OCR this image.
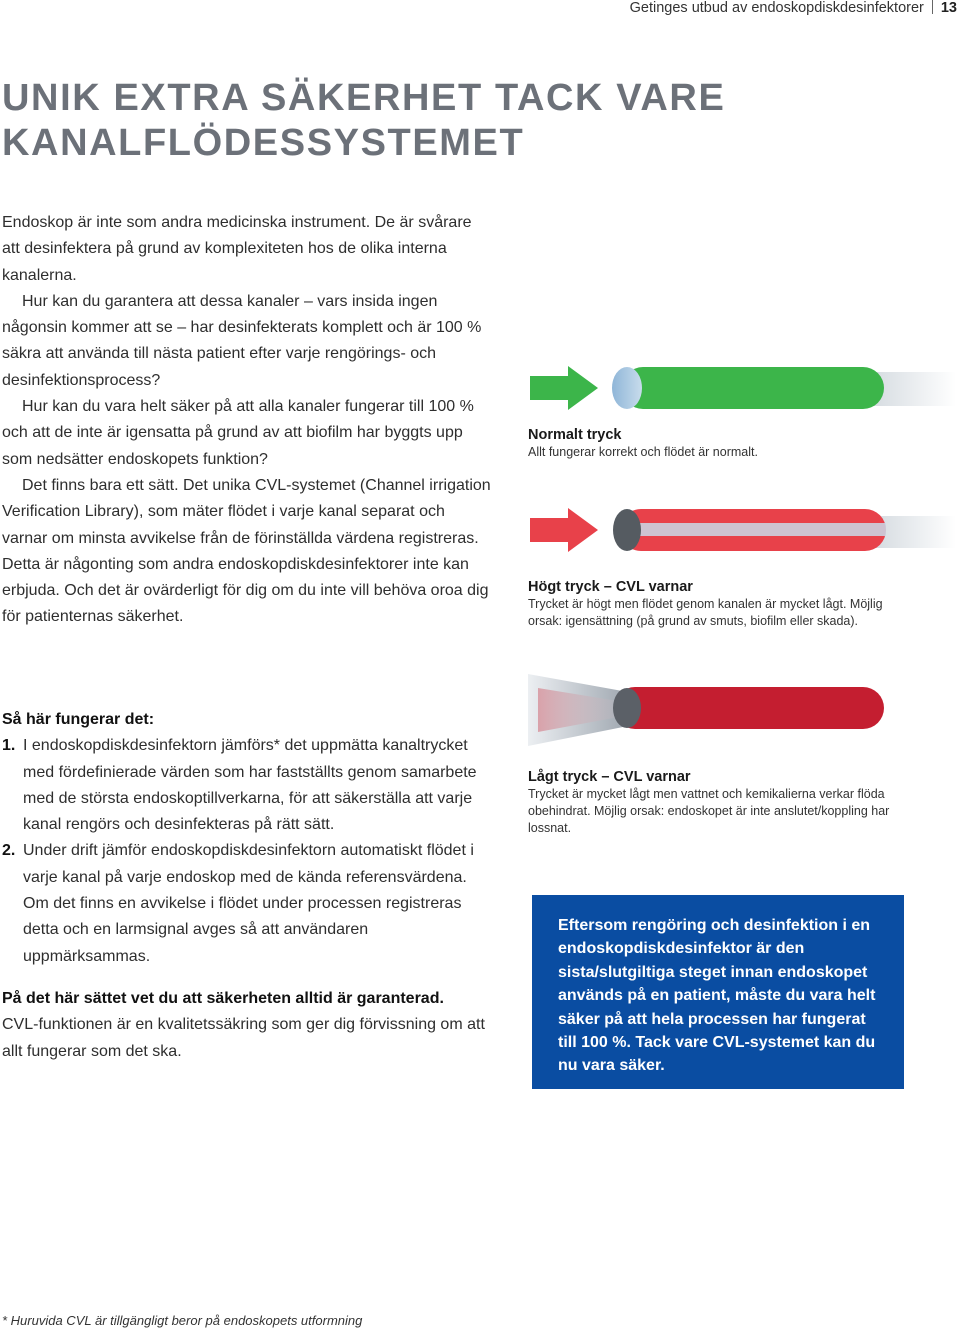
Getinges utbud av endoskopdiskdesinfektorer 13
UNIK EXTRA SÄKERHET TACK VARE
KANALFLÖDESSYSTEMET

Endoskop är inte som andra medicinska instrument. De är svårare att desinfektera på grund av komplexiteten hos de olika interna kanalerna.

Hur kan du garantera att dessa kanaler – vars insida ingen någonsin kommer att se – har desinfekterats komplett och är 100 % säkra att använda till nästa patient efter varje rengörings- och desinfektionsprocess?

Hur kan du vara helt säker på att alla kanaler fungerar till 100 % och att de inte är igensatta på grund av att biofilm har byggts upp som nedsätter endoskopets funktion?

Det finns bara ett sätt. Det unika CVL-systemet (Channel irrigation Verification Library), som mäter flödet i varje kanal separat och varnar om minsta avvikelse från de förinställda värdena registreras.

Detta är någonting som andra endoskopdiskdesinfektorer inte kan erbjuda. Och det är ovärderligt för dig om du inte vill behöva oroa dig för patienternas säkerhet.

Så här fungerar det:
1. I endoskopdiskdesinfektorn jämförs* det uppmätta kanaltrycket med fördefinierade värden som har fastställts genom samarbete med de största endoskoptillverkarna, för att säkerställa att varje kanal rengörs och desinfekteras på rätt sätt.
2. Under drift jämför endoskopdiskdesinfektorn automatiskt flödet i varje kanal på varje endoskop med de kända referensvärdena. Om det finns en avvikelse i flödet under processen registreras detta och en larmsignal avges så att användaren uppmärksammas.

På det här sättet vet du att säkerheten alltid är garanterad.

CVL-funktionen är en kvalitetssäkring som ger dig förvissning om att allt fungerar som det ska.

Normalt tryck
Allt fungerar korrekt och flödet är normalt.
Högt tryck – CVL varnar
Trycket är högt men flödet genom kanalen är mycket lågt. Möjlig orsak: igensättning (på grund av smuts, biofilm eller skada).
Lågt tryck – CVL varnar
Trycket är mycket lågt men vattnet och kemikalierna verkar flöda obehindrat. Möjlig orsak: endoskopet är inte anslutet/koppling har lossnat.

Eftersom rengöring och desinfektion i en endoskopdiskdesinfektor är den sista/slutgiltiga steget innan endoskopet används på en patient, måste du vara helt säker på att hela processen har fungerat till 100 %. Tack vare CVL-systemet kan du nu vara säker.

* Huruvida CVL är tillgängligt beror på endoskopets utformning
